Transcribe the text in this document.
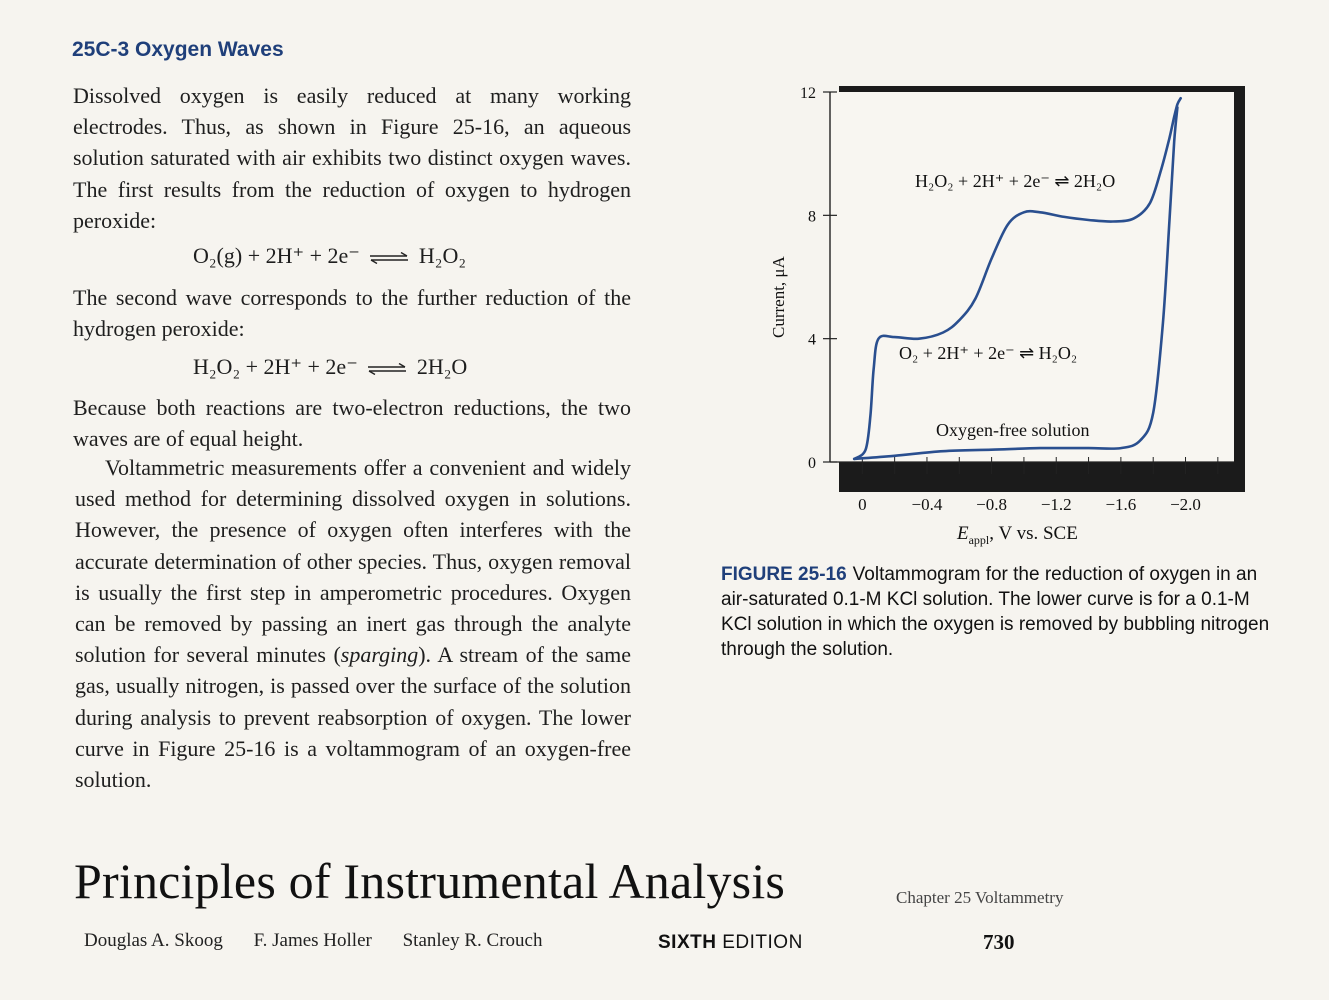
25C-3 Oxygen Waves

Dissolved oxygen is easily reduced at many working electrodes. Thus, as shown in Figure 25-16, an aqueous solution saturated with air exhibits two distinct oxygen waves. The first results from the reduction of oxygen to hydrogen peroxide:

O₂(g) + 2H⁺ + 2e⁻ ⇌ H₂O₂
The second wave corresponds to the further reduction of the hydrogen peroxide:
H₂O₂ + 2H⁺ + 2e⁻ ⇌ 2H₂O
Because both reactions are two-electron reductions, the two waves are of equal height.
Voltammetric measurements offer a convenient and widely used method for determining dissolved oxygen in solutions. However, the presence of oxygen often interferes with the accurate determination of other species. Thus, oxygen removal is usually the first step in amperometric procedures. Oxygen can be removed by passing an inert gas through the analyte solution for several minutes (sparging). A stream of the same gas, usually nitrogen, is passed over the surface of the solution during analysis to prevent reabsorption of oxygen. The lower curve in Figure 25-16 is a voltammogram of an oxygen-free solution.
0
4
8
12
0	−0.4 −0.8 −1.2 −1.6 −2.0
H₂O₂ + 2H⁺ + 2e⁻ ⇌ 2H₂O
O₂ + 2H⁺ + 2e⁻ ⇌ H₂O₂
Oxygen-free solution
Current, μA
$E_{appl}$, V vs. SCE
FIGURE 25-16 Voltammogram for the reduction of oxygen in an air-saturated 0.1-M KCl solution. The lower curve is for a 0.1-M KCl solution in which the oxygen is removed by bubbling nitrogen through the solution.
Principles of Instrumental Analysis	Chapter 25 Voltammetry
Douglas A. Skoog F. James Holler Stanley R. Crouch	SIXTH EDITION	730
